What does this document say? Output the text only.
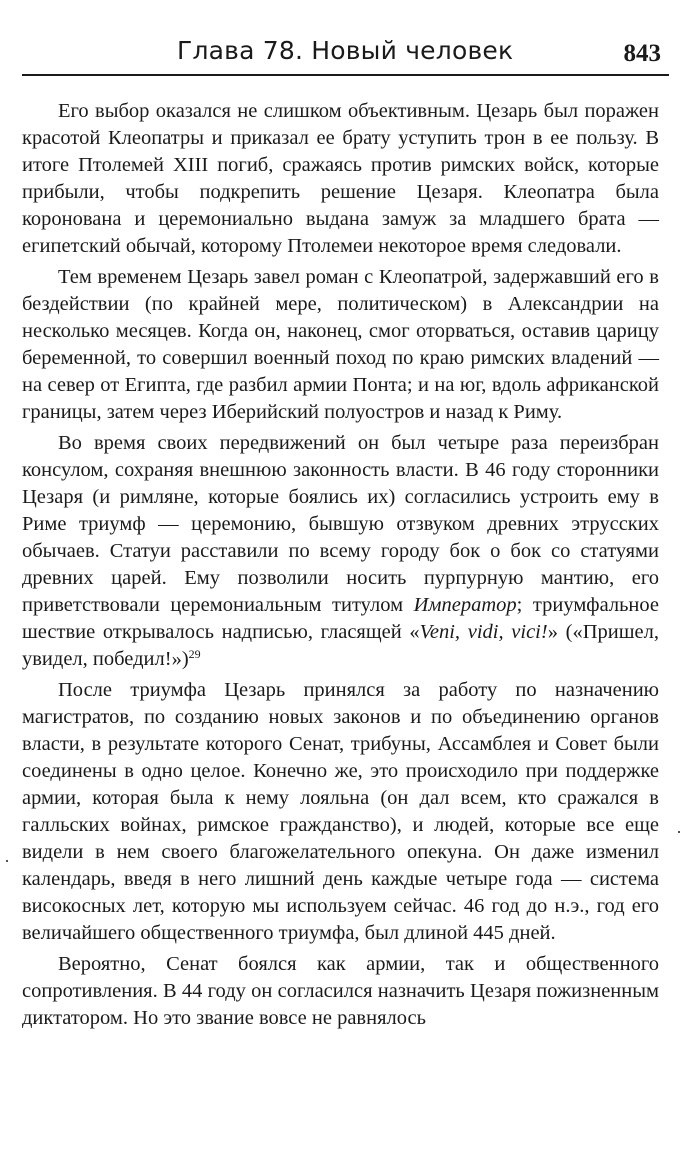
Глава 78. Новый человек	843

Его выбор оказался не слишком объективным. Цезарь был поражен красотой Клеопатры и приказал ее брату уступить трон в ее пользу. В итоге Птолемей XIII погиб, сражаясь против римских войск, которые прибыли, чтобы подкрепить решение Цезаря. Клеопатра была коронована и церемониально выдана замуж за младшего брата — египетский обычай, которому Птолемеи некоторое время следовали.

Тем временем Цезарь завел роман с Клеопатрой, задержавший его в бездействии (по крайней мере, политическом) в Александрии на несколько месяцев. Когда он, наконец, смог оторваться, оставив царицу беременной, то совершил военный поход по краю римских владений — на север от Египта, где разбил армии Понта; и на юг, вдоль африканской границы, затем через Иберийский полуостров и назад к Риму.

Во время своих передвижений он был четыре раза переизбран консулом, сохраняя внешнюю законность власти. В 46 году сторонники Цезаря (и римляне, которые боялись их) согласились устроить ему в Риме триумф — церемонию, бывшую отзвуком древних этрусских обычаев. Статуи расставили по всему городу бок о бок со статуями древних царей. Ему позволили носить пурпурную мантию, его приветствовали церемониальным титулом Император; триумфальное шествие открывалось надписью, гласящей «Veni, vidi, vici!» («Пришел, увидел, победил!»)$^{29}$

После триумфа Цезарь принялся за работу по назначению магистратов, по созданию новых законов и по объединению органов власти, в результате которого Сенат, трибуны, Ассамблея и Совет были соединены в одно целое. Конечно же, это происходило при поддержке армии, которая была к нему лояльна (он дал всем, кто сражался в галльских войнах, римское гражданство), и людей, которые все еще видели в нем своего благожелательного опекуна. Он даже изменил календарь, введя в него лишний день каждые четыре года — система високосных лет, которую мы используем сейчас. 46 год до н.э., год его величайшего общественного триумфа, был длиной 445 дней.

Вероятно, Сенат боялся как армии, так и общественного сопротивления. В 44 году он согласился назначить Цезаря пожизненным диктатором. Но это звание вовсе не равнялось

·
·
